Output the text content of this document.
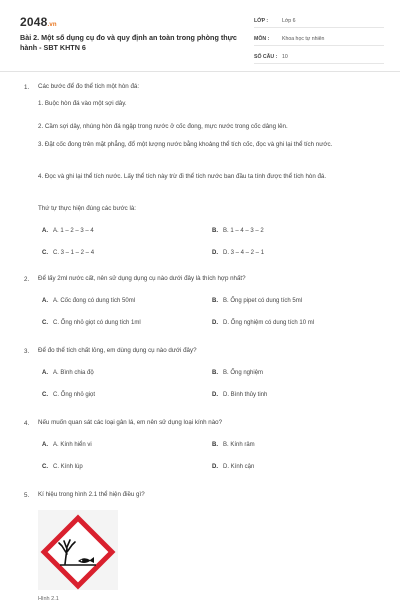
2048.vn
Bài 2. Một số dụng cụ đo và quy định an toàn trong phòng thực hành - SBT KHTN 6
LỚP :	Lớp 6
MÔN :	Khoa học tự nhiên
SỐ CÂU : 10
1. Các bước để đo thể tích một hòn đá:
1. Buộc hòn đá vào một sợi dây.
2. Cầm sợi dây, nhúng hòn đá ngập trong nước ở cốc đong, mực nước trong cốc dâng lên.
3. Đặt cốc đong trên mặt phẳng, đổ một lượng nước bằng khoảng thể tích cốc, đọc và ghi lại thể tích nước.
4. Đọc và ghi lại thể tích nước. Lấy thể tích này trừ đi thể tích nước ban đầu ta tính được thể tích hòn đá.
Thứ tự thực hiện đúng các bước là:
A. A. 1 – 2 – 3 – 4	B. B. 1 – 4 – 3 – 2
C. C. 3 – 1 – 2 – 4	D. D. 3 – 4 – 2 – 1
2. Để lấy 2ml nước cất, nên sử dụng dụng cụ nào dưới đây là thích hợp nhất?
A. A. Cốc đong có dung tích 50ml	B. B. Ống pipet có dung tích 5ml
C. C. Ống nhỏ giọt có dung tích 1ml	D. D. Ống nghiệm có dung tích 10 ml
3. Để đo thể tích chất lỏng, em dùng dụng cụ nào dưới đây?
A. A. Bình chia độ	B. B. Ống nghiệm
C. C. Ống nhỏ giọt	D. D. Bình thủy tinh
4. Nếu muốn quan sát các loại gân lá, em nên sử dụng loại kính nào?
A. A. Kính hiển vi	B. B. Kính râm
C. C. Kính lúp	D. D. Kính cận
5. Kí hiệu trong hình 2.1 thể hiện điều gì?
Hình 2.1
